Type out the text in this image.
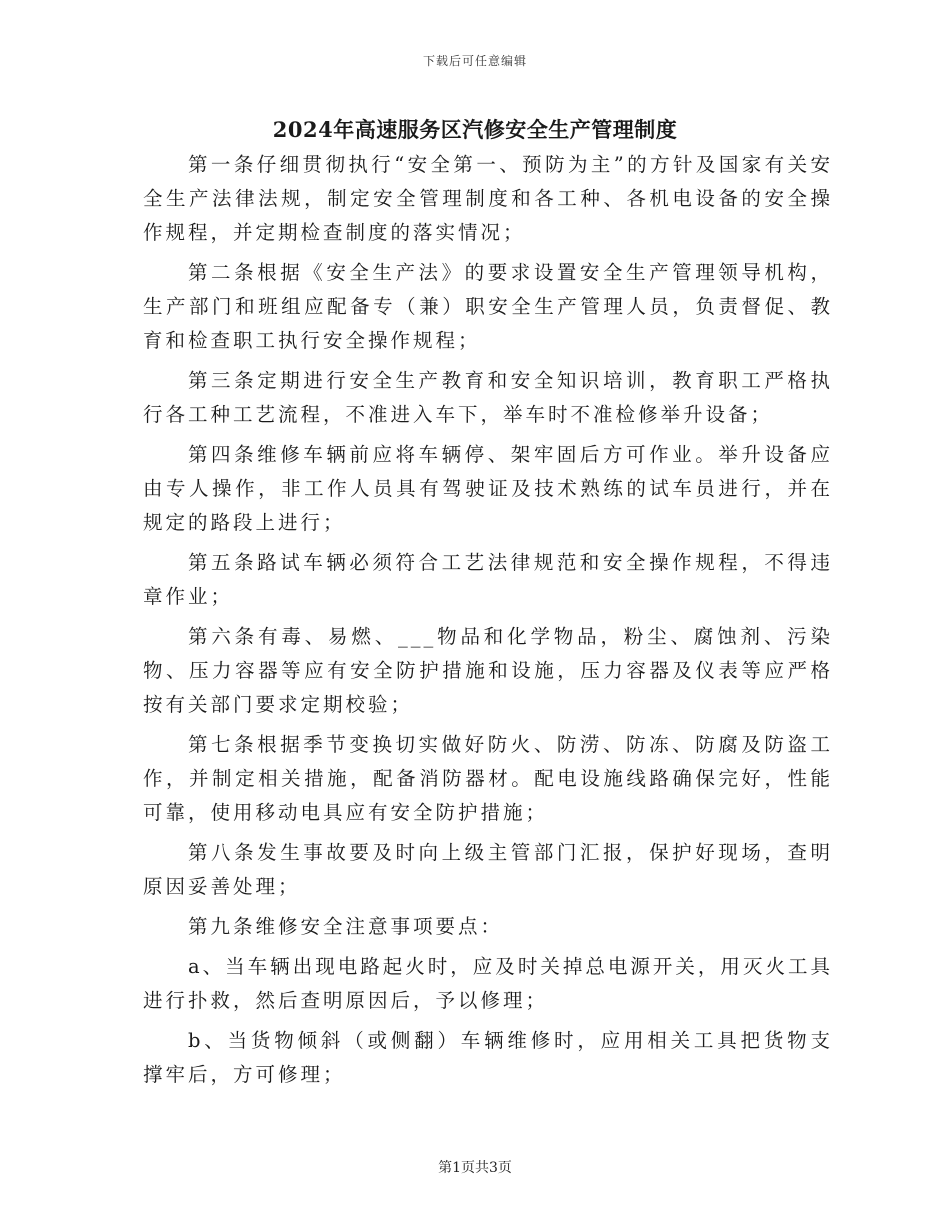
下载后可任意编辑
2024年高速服务区汽修安全生产管理制度

第一条仔细贯彻执行“安全第一、预防为主”的方针及国家有关安全生产法律法规，制定安全管理制度和各工种、各机电设备的安全操作规程，并定期检查制度的落实情况；

第二条根据《安全生产法》的要求设置安全生产管理领导机构，生产部门和班组应配备专（兼）职安全生产管理人员，负责督促、教育和检查职工执行安全操作规程；

第三条定期进行安全生产教育和安全知识培训，教育职工严格执行各工种工艺流程，不准进入车下，举车时不准检修举升设备；

第四条维修车辆前应将车辆停、架牢固后方可作业。举升设备应由专人操作，非工作人员具有驾驶证及技术熟练的试车员进行，并在规定的路段上进行；

第五条路试车辆必须符合工艺法律规范和安全操作规程，不得违章作业；

第六条有毒、易燃、___物品和化学物品，粉尘、腐蚀剂、污染物、压力容器等应有安全防护措施和设施，压力容器及仪表等应严格按有关部门要求定期校验；

第七条根据季节变换切实做好防火、防涝、防冻、防腐及防盗工作，并制定相关措施，配备消防器材。配电设施线路确保完好，性能可靠，使用移动电具应有安全防护措施；

第八条发生事故要及时向上级主管部门汇报，保护好现场，查明原因妥善处理；

第九条维修安全注意事项要点：

a、当车辆出现电路起火时，应及时关掉总电源开关，用灭火工具进行扑救，然后查明原因后，予以修理；

b、当货物倾斜（或侧翻）车辆维修时，应用相关工具把货物支撑牢后，方可修理；

第1页共3页
